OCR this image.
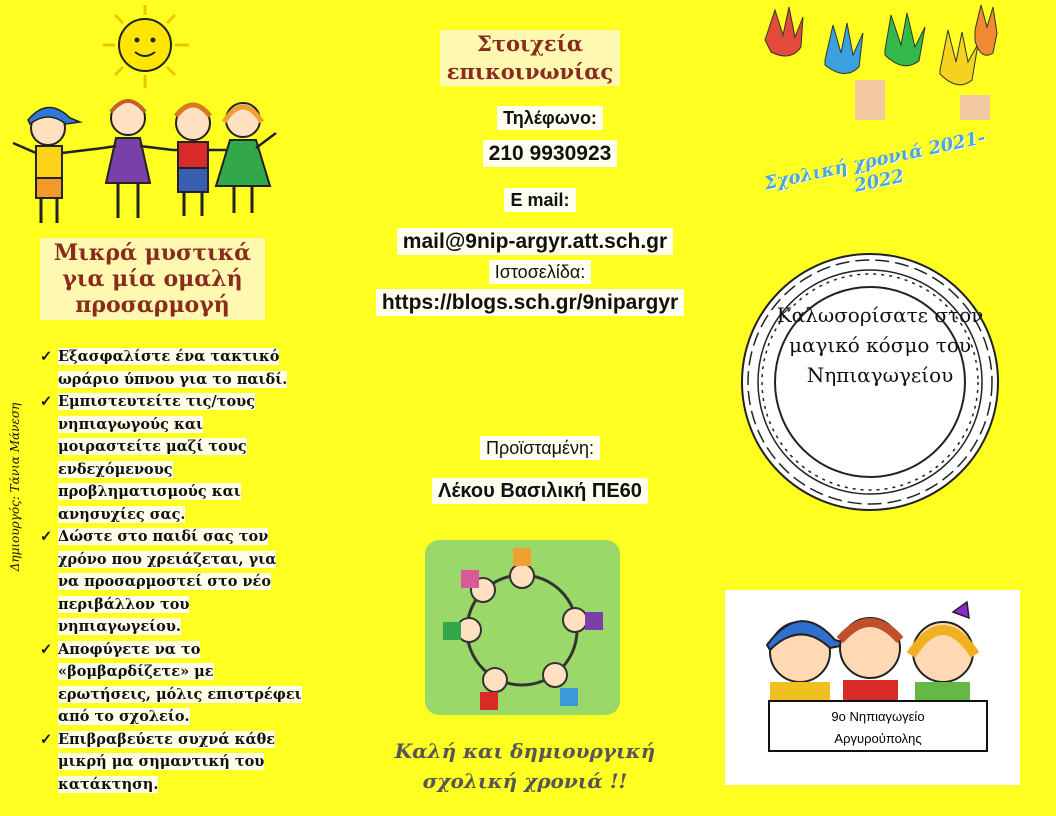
Μικρά μυστικά για μία ομαλή προσαρμογή
✓ Εξασφαλίστε ένα τακτικό ωράριο ύπνου για το παιδί.
✓ Εμπιστευτείτε τις/τους νηπιαγωγούς και μοιραστείτε μαζί τους ενδεχόμενους προβληματισμούς και ανησυχίες σας.
✓ Δώστε στο παιδί σας τον χρόνο που χρειάζεται, για να προσαρμοστεί στο νέο περιβάλλον του νηπιαγωγείου.
✓ Αποφύγετε να το «βομβαρδίζετε» με ερωτήσεις, μόλις επιστρέφει από το σχολείο.
✓ Επιβραβεύετε συχνά κάθε μικρή μα σημαντική του κατάκτηση.
Δημιουργός: Τάνια Μάνεση
Στοιχεία επικοινωνίας
Τηλέφωνο:
210 9930923
E mail:
mail@9nip-argyr.att.sch.gr
Ιστοσελίδα:
https://blogs.sch.gr/9nipargyr
Προϊσταμένη:
Λέκου Βασιλική ΠΕ60
Καλή και δημιουργική σχολική χρονιά !!
Σχολική χρονιά 2021-2022
Καλωσορίσατε στον μαγικό κόσμο του Νηπιαγωγείου
9ο Νηπιαγωγείο
Αργυρούπολης
